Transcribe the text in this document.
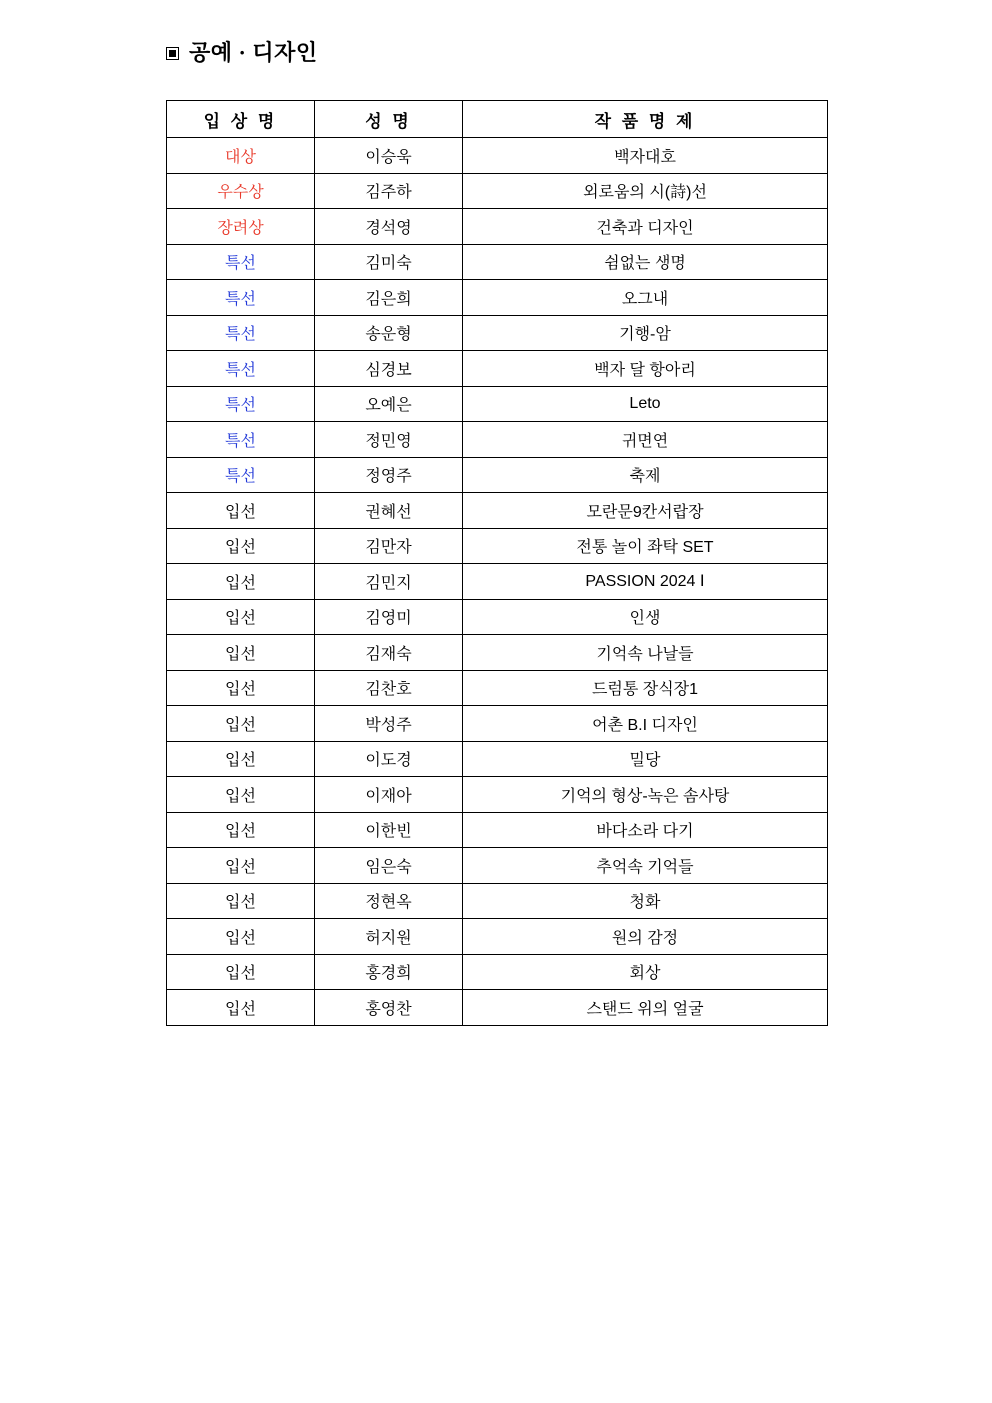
공예 · 디자인
입 상 명	성 명	작 품 명 제
대상	이승욱	백자대호
우수상	김주하	외로움의 시(詩)선
장려상	경석영	건축과 디자인
특선	김미숙	쉼없는 생명
특선	김은희	오그내
특선	송운형	기행-암
특선	심경보	백자 달 항아리
특선	오예은	Leto
특선	정민영	귀면연
특선	정영주	축제
입선	권혜선	모란문9칸서랍장
입선	김만자	전통 놀이 좌탁 SET
입선	김민지	PASSION 2024 Ⅰ
입선	김영미	인생
입선	김재숙	기억속 나날들
입선	김찬호	드럼통 장식장1
입선	박성주	어촌 B.I 디자인
입선	이도경	밀당
입선	이재아	기억의 형상-녹은 솜사탕
입선	이한빈	바다소라 다기
입선	임은숙	추억속 기억들
입선	정현옥	청화
입선	허지원	원의 감정
입선	홍경희	회상
입선	홍영찬	스탠드 위의 얼굴
